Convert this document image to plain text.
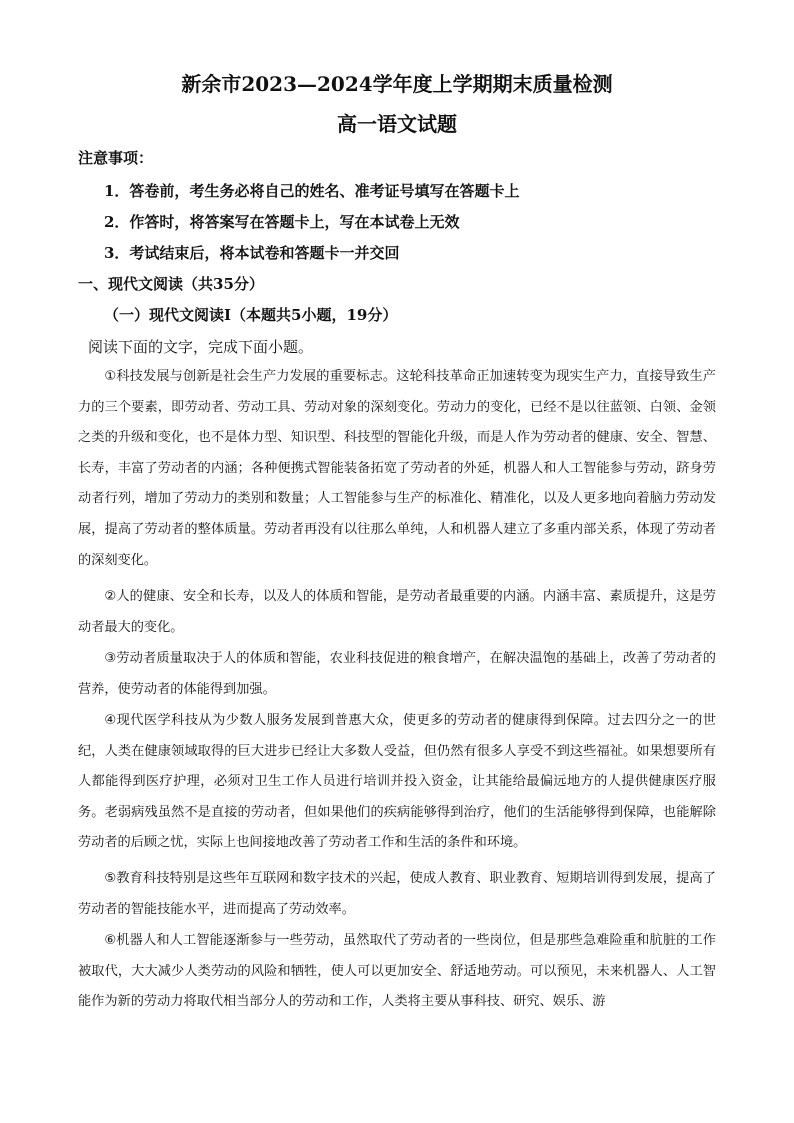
新余市2023—2024学年度上学期期末质量检测
高一语文试题
注意事项：
1．答卷前，考生务必将自己的姓名、准考证号填写在答题卡上
2．作答时，将答案写在答题卡上，写在本试卷上无效
3．考试结束后，将本试卷和答题卡一并交回
一、现代文阅读（共35分）
（一）现代文阅读Ⅰ（本题共5小题，19分）
阅读下面的文字，完成下面小题。

①科技发展与创新是社会生产力发展的重要标志。这轮科技革命正加速转变为现实生产力，直接导致生产力的三个要素，即劳动者、劳动工具、劳动对象的深刻变化。劳动力的变化，已经不是以往蓝领、白领、金领之类的升级和变化，也不是体力型、知识型、科技型的智能化升级，而是人作为劳动者的健康、安全、智慧、长寿，丰富了劳动者的内涵；各种便携式智能装备拓宽了劳动者的外延，机器人和人工智能参与劳动，跻身劳动者行列，增加了劳动力的类别和数量；人工智能参与生产的标准化、精准化，以及人更多地向着脑力劳动发展，提高了劳动者的整体质量。劳动者再没有以往那么单纯，人和机器人建立了多重内部关系，体现了劳动者的深刻变化。

②人的健康、安全和长寿，以及人的体质和智能，是劳动者最重要的内涵。内涵丰富、素质提升，这是劳动者最大的变化。

③劳动者质量取决于人的体质和智能，农业科技促进的粮食增产，在解决温饱的基础上，改善了劳动者的营养，使劳动者的体能得到加强。

④现代医学科技从为少数人服务发展到普惠大众，使更多的劳动者的健康得到保障。过去四分之一的世纪，人类在健康领域取得的巨大进步已经让大多数人受益，但仍然有很多人享受不到这些福祉。如果想要所有人都能得到医疗护理，必须对卫生工作人员进行培训并投入资金，让其能给最偏远地方的人提供健康医疗服务。老弱病残虽然不是直接的劳动者，但如果他们的疾病能够得到治疗，他们的生活能够得到保障，也能解除劳动者的后顾之忧，实际上也间接地改善了劳动者工作和生活的条件和环境。

⑤教育科技特别是这些年互联网和数字技术的兴起，使成人教育、职业教育、短期培训得到发展，提高了劳动者的智能技能水平，进而提高了劳动效率。

⑥机器人和人工智能逐渐参与一些劳动，虽然取代了劳动者的一些岗位，但是那些急难险重和肮脏的工作被取代，大大减少人类劳动的风险和牺牲，使人可以更加安全、舒适地劳动。可以预见，未来机器人、人工智能作为新的劳动力将取代相当部分人的劳动和工作，人类将主要从事科技、研究、娱乐、游
